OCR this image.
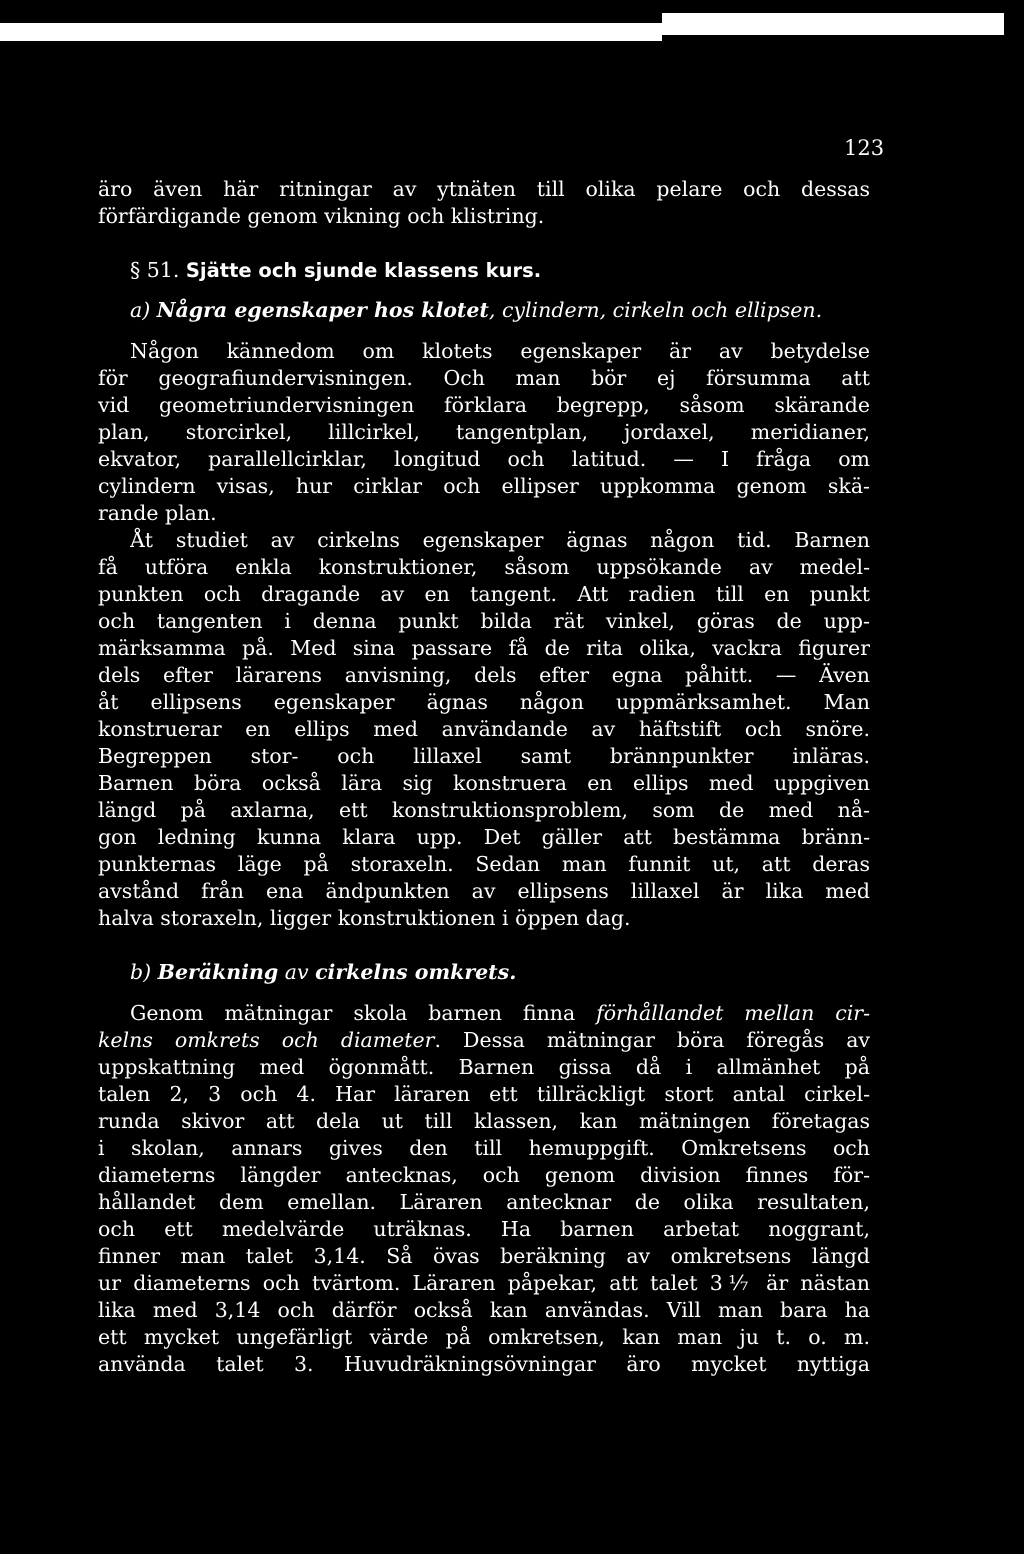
123
äro även här ritningar av ytnäten till olika pelare och dessas
förfärdigande genom vikning och klistring.
§ 51. Sjätte och sjunde klassens kurs.
a) Några egenskaper hos klotet, cylindern, cirkeln och ellipsen.
Någon kännedom om klotets egenskaper är av betydelse
för geografiundervisningen. Och man bör ej försumma att
vid geometriundervisningen förklara begrepp, såsom skärande
plan, storcirkel, lillcirkel, tangentplan, jordaxel, meridianer,
ekvator, parallellcirklar, longitud och latitud. — I fråga om
cylindern visas, hur cirklar och ellipser uppkomma genom skä-
rande plan.
Åt studiet av cirkelns egenskaper ägnas någon tid. Barnen
få utföra enkla konstruktioner, såsom uppsökande av medel-
punkten och dragande av en tangent. Att radien till en punkt
och tangenten i denna punkt bilda rät vinkel, göras de upp-
märksamma på. Med sina passare få de rita olika, vackra figurer
dels efter lärarens anvisning, dels efter egna påhitt. — Även
åt ellipsens egenskaper ägnas någon uppmärksamhet. Man
konstruerar en ellips med användande av häftstift och snöre.
Begreppen stor- och lillaxel samt brännpunkter inläras.
Barnen böra också lära sig konstruera en ellips med uppgiven
längd på axlarna, ett konstruktionsproblem, som de med nå-
gon ledning kunna klara upp. Det gäller att bestämma bränn-
punkternas läge på storaxeln. Sedan man funnit ut, att deras
avstånd från ena ändpunkten av ellipsens lillaxel är lika med
halva storaxeln, ligger konstruktionen i öppen dag.
b) Beräkning av cirkelns omkrets.
Genom mätningar skola barnen finna förhållandet mellan cir-
kelns omkrets och diameter. Dessa mätningar böra föregås av
uppskattning med ögonmått. Barnen gissa då i allmänhet på
talen 2, 3 och 4. Har läraren ett tillräckligt stort antal cirkel-
runda skivor att dela ut till klassen, kan mätningen företagas
i skolan, annars gives den till hemuppgift. Omkretsens och
diameterns längder antecknas, och genom division finnes för-
hållandet dem emellan. Läraren antecknar de olika resultaten,
och ett medelvärde uträknas. Ha barnen arbetat noggrant,
finner man talet 3,14. Så övas beräkning av omkretsens längd
ur diameterns och tvärtom. Läraren påpekar, att talet 3⅐ är nästan
lika med 3,14 och därför också kan användas. Vill man bara ha
ett mycket ungefärligt värde på omkretsen, kan man ju t. o. m.
använda talet 3. Huvudräkningsövningar äro mycket nyttiga
